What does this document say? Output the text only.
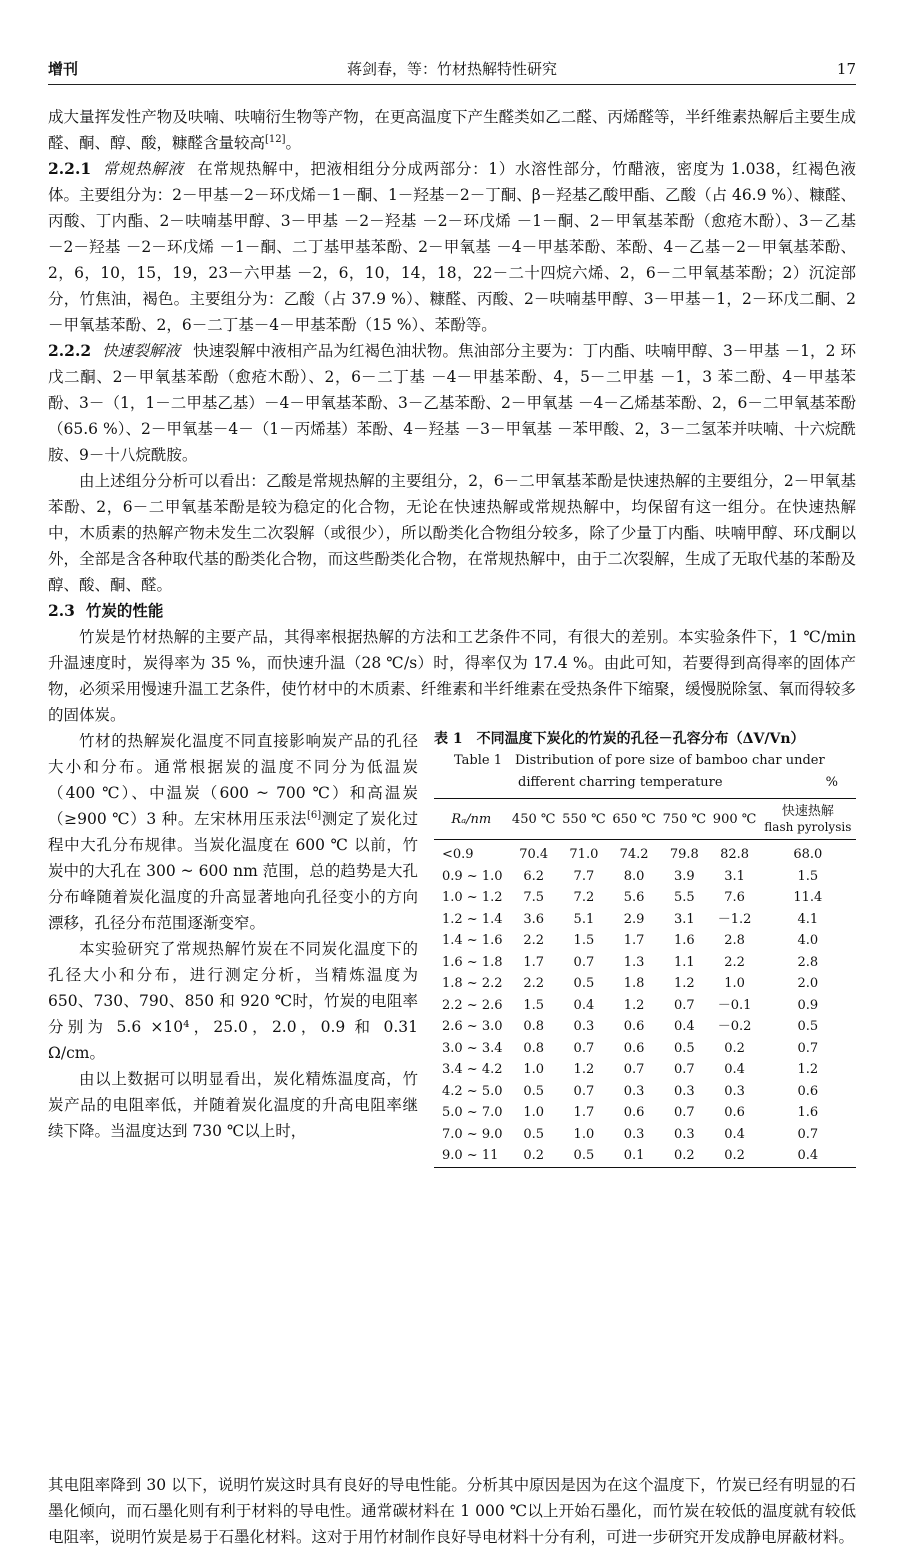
增刊	蒋剑春，等：竹材热解特性研究	17

成大量挥发性产物及呋喃、呋喃衍生物等产物，在更高温度下产生醛类如乙二醛、丙烯醛等，半纤维素热解后主要生成醛、酮、醇、酸，糠醛含量较高[12]。

2.2.1 常规热解液 在常规热解中，把液相组分分成两部分：1）水溶性部分，竹醋液，密度为 1.038，红褐色液体。主要组分为：2－甲基－2－环戊烯－1－酮、1－羟基－2－丁酮、β－羟基乙酸甲酯、乙酸（占 46.9 %）、糠醛、丙酸、丁内酯、2－呋喃基甲醇、3－甲基 －2－羟基 －2－环戊烯 －1－酮、2－甲氧基苯酚（愈疮木酚）、3－乙基 －2－羟基 －2－环戊烯 －1－酮、二丁基甲基苯酚、2－甲氧基 －4－甲基苯酚、苯酚、4－乙基－2－甲氧基苯酚、2，6，10，15，19，23－六甲基 －2，6，10，14，18，22－二十四烷六烯、2，6－二甲氧基苯酚；2）沉淀部分，竹焦油，褐色。主要组分为：乙酸（占 37.9 %）、糠醛、丙酸、2－呋喃基甲醇、3－甲基－1，2－环戊二酮、2－甲氧基苯酚、2，6－二丁基－4－甲基苯酚（15 %）、苯酚等。

2.2.2 快速裂解液 快速裂解中液相产品为红褐色油状物。焦油部分主要为：丁内酯、呋喃甲醇、3－甲基 －1，2 环戊二酮、2－甲氧基苯酚（愈疮木酚）、2，6－二丁基 －4－甲基苯酚、4，5－二甲基 －1，3 苯二酚、4－甲基苯酚、3－（1，1－二甲基乙基）－4－甲氧基苯酚、3－乙基苯酚、2－甲氧基 －4－乙烯基苯酚、2，6－二甲氧基苯酚（65.6 %）、2－甲氧基－4－（1－丙烯基）苯酚、4－羟基 －3－甲氧基 －苯甲酸、2，3－二氢苯并呋喃、十六烷酰胺、9－十八烷酰胺。

由上述组分分析可以看出：乙酸是常规热解的主要组分，2，6－二甲氧基苯酚是快速热解的主要组分，2－甲氧基苯酚、2，6－二甲氧基苯酚是较为稳定的化合物，无论在快速热解或常规热解中，均保留有这一组分。在快速热解中，木质素的热解产物未发生二次裂解（或很少），所以酚类化合物组分较多，除了少量丁内酯、呋喃甲醇、环戊酮以外，全部是含各种取代基的酚类化合物，而这些酚类化合物，在常规热解中，由于二次裂解，生成了无取代基的苯酚及醇、酸、酮、醛。

2.3 竹炭的性能

竹炭是竹材热解的主要产品，其得率根据热解的方法和工艺条件不同，有很大的差别。本实验条件下，1 ℃/min 升温速度时，炭得率为 35 %，而快速升温（28 ℃/s）时，得率仅为 17.4 %。由此可知，若要得到高得率的固体产物，必须采用慢速升温工艺条件，使竹材中的木质素、纤维素和半纤维素在受热条件下缩聚，缓慢脱除氢、氧而得较多的固体炭。

竹材的热解炭化温度不同直接影响炭产品的孔径大小和分布。通常根据炭的温度不同分为低温炭（400 ℃）、中温炭（600 ~ 700 ℃）和高温炭（≥900 ℃）3 种。左宋林用压汞法[6]测定了炭化过程中大孔分布规律。当炭化温度在 600 ℃ 以前，竹炭中的大孔在 300 ~ 600 nm 范围，总的趋势是大孔分布峰随着炭化温度的升高显著地向孔径变小的方向漂移，孔径分布范围逐渐变窄。

本实验研究了常规热解竹炭在不同炭化温度下的孔径大小和分布，进行测定分析，当精炼温度为 650、730、790、850 和 920 ℃时，竹炭的电阻率分别为 5.6 ×10⁴，25.0，2.0，0.9 和 0.31 Ω/cm。

由以上数据可以明显看出，炭化精炼温度高，竹炭产品的电阻率低，并随着炭化温度的升高电阻率继续下降。当温度达到 730 ℃以上时，

表 1　不同温度下炭化的竹炭的孔径－孔容分布（ΔV/Vn）
Table 1　Distribution of pore size of bamboo char under
different charring temperature	%
Rₐ/nm	450 ℃	550 ℃	650 ℃	750 ℃	900 ℃	快速热解
flash pyrolysis

<0.9	70.4	71.0	74.2	79.8	82.8	68.0
0.9 ~ 1.0	6.2	7.7	8.0	3.9	3.1	1.5
1.0 ~ 1.2	7.5	7.2	5.6	5.5	7.6	11.4
1.2 ~ 1.4	3.6	5.1	2.9	3.1	－1.2	4.1
1.4 ~ 1.6	2.2	1.5	1.7	1.6	2.8	4.0
1.6 ~ 1.8	1.7	0.7	1.3	1.1	2.2	2.8
1.8 ~ 2.2	2.2	0.5	1.8	1.2	1.0	2.0
2.2 ~ 2.6	1.5	0.4	1.2	0.7	－0.1	0.9
2.6 ~ 3.0	0.8	0.3	0.6	0.4	－0.2	0.5
3.0 ~ 3.4	0.8	0.7	0.6	0.5	0.2	0.7
3.4 ~ 4.2	1.0	1.2	0.7	0.7	0.4	1.2
4.2 ~ 5.0	0.5	0.7	0.3	0.3	0.3	0.6
5.0 ~ 7.0	1.0	1.7	0.6	0.7	0.6	1.6
7.0 ~ 9.0	0.5	1.0	0.3	0.3	0.4	0.7
9.0 ~ 11	0.2	0.5	0.1	0.2	0.2	0.4

其电阻率降到 30 以下，说明竹炭这时具有良好的导电性能。分析其中原因是因为在这个温度下，竹炭已经有明显的石墨化倾向，而石墨化则有利于材料的导电性。通常碳材料在 1 000 ℃以上开始石墨化，而竹炭在较低的温度就有较低电阻率，说明竹炭是易于石墨化材料。这对于用竹材制作良好导电材料十分有利，可进一步研究开发成静电屏蔽材料。
